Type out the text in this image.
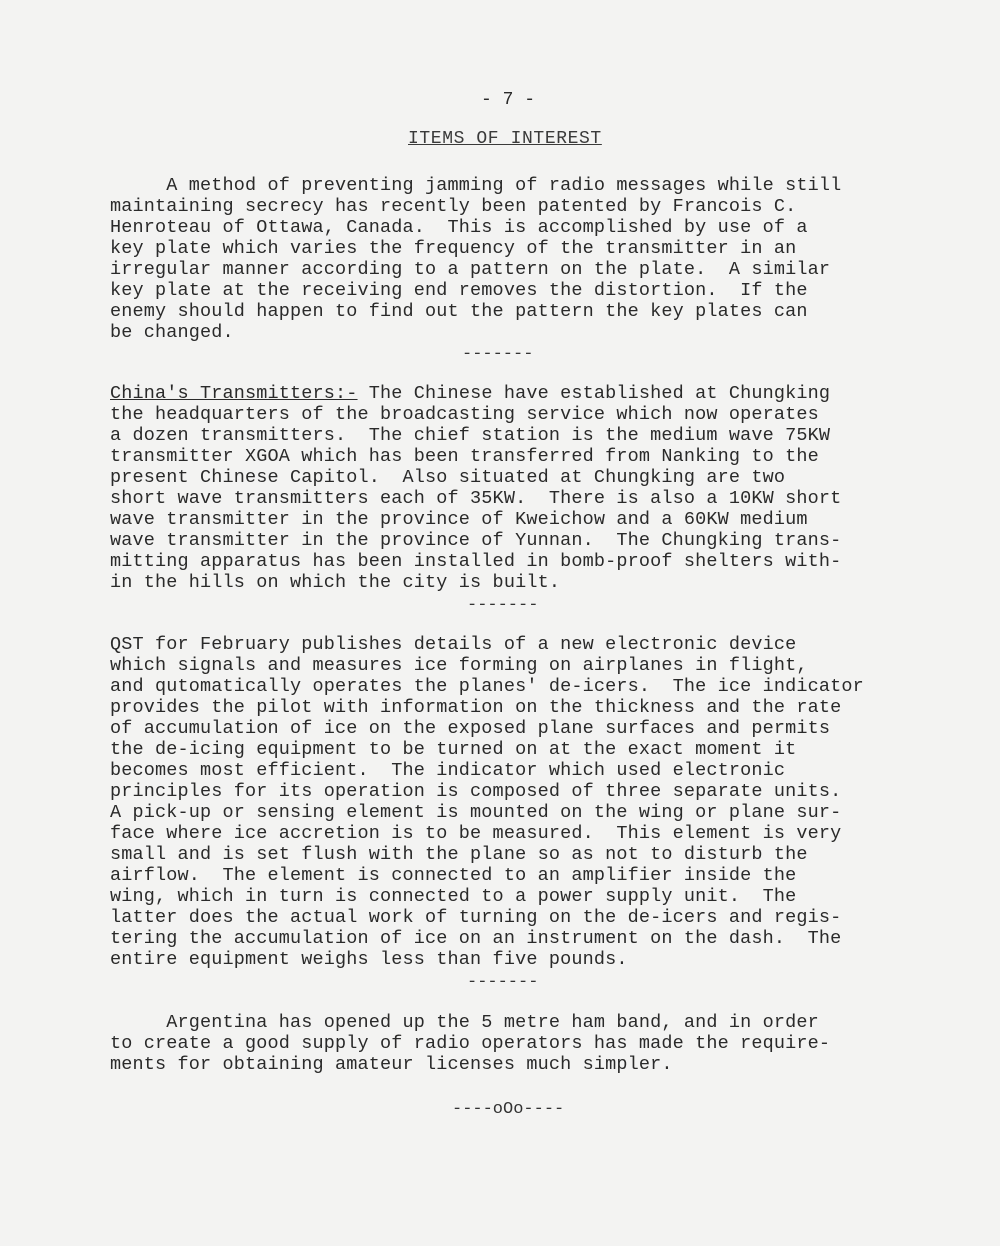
- 7 -
ITEMS OF INTEREST
A method of preventing jamming of radio messages while still
maintaining secrecy has recently been patented by Francois C.
Henroteau of Ottawa, Canada.  This is accomplished by use of a
key plate which varies the frequency of the transmitter in an
irregular manner according to a pattern on the plate.  A similar
key plate at the receiving end removes the distortion.  If the
enemy should happen to find out the pattern the key plates can
be changed.
-------
China's Transmitters:- The Chinese have established at Chungking
the headquarters of the broadcasting service which now operates
a dozen transmitters.  The chief station is the medium wave 75KW
transmitter XGOA which has been transferred from Nanking to the
present Chinese Capitol.  Also situated at Chungking are two
short wave transmitters each of 35KW.  There is also a 10KW short
wave transmitter in the province of Kweichow and a 60KW medium
wave transmitter in the province of Yunnan.  The Chungking trans-
mitting apparatus has been installed in bomb-proof shelters with-
in the hills on which the city is built.
-------
QST for February publishes details of a new electronic device
which signals and measures ice forming on airplanes in flight,
and qutomatically operates the planes' de-icers.  The ice indicator
provides the pilot with information on the thickness and the rate
of accumulation of ice on the exposed plane surfaces and permits
the de-icing equipment to be turned on at the exact moment it
becomes most efficient.  The indicator which used electronic
principles for its operation is composed of three separate units.
A pick-up or sensing element is mounted on the wing or plane sur-
face where ice accretion is to be measured.  This element is very
small and is set flush with the plane so as not to disturb the
airflow.  The element is connected to an amplifier inside the
wing, which in turn is connected to a power supply unit.  The
latter does the actual work of turning on the de-icers and regis-
tering the accumulation of ice on an instrument on the dash.  The
entire equipment weighs less than five pounds.
-------
Argentina has opened up the 5 metre ham band, and in order
to create a good supply of radio operators has made the require-
ments for obtaining amateur licenses much simpler.
----oOo----
